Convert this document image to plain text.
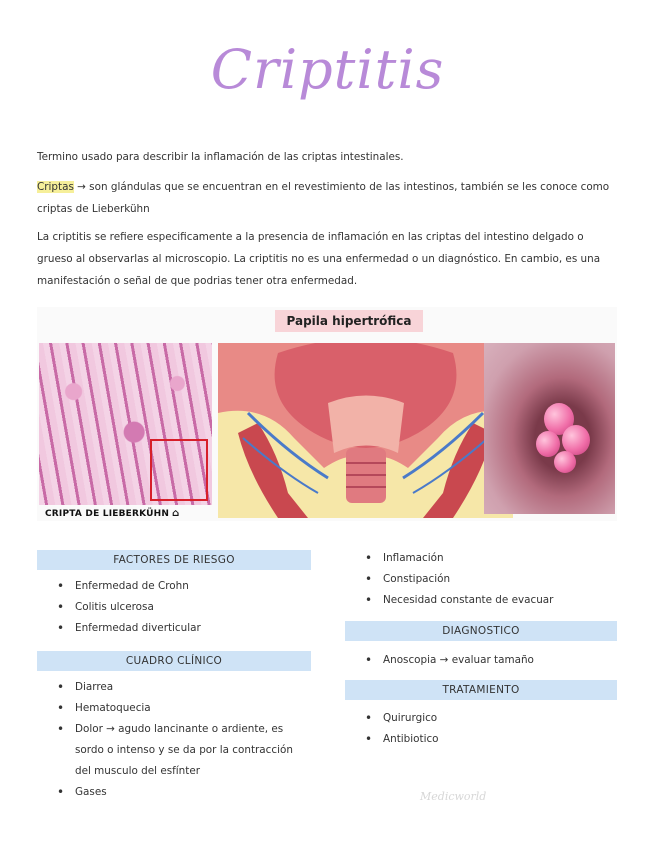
Criptitis
Termino usado para describir la inflamación de las criptas intestinales.
Criptas → son glándulas que se encuentran en el revestimiento de las intestinos, también se les conoce como criptas de Lieberkühn
La criptitis se refiere especificamente a la presencia de inflamación en las criptas del intestino delgado o grueso al observarlas al microscopio. La criptitis no es una enfermedad o un diagnóstico. En cambio, es una manifestación o señal de que podrias tener otra enfermedad.
Papila hipertrófica
CRIPTA DE LIEBERKÜHN ⌂
FACTORES DE RIESGO
• Enfermedad de Crohn
• Colitis ulcerosa
• Enfermedad diverticular
CUADRO CLÍNICO
• Diarrea
• Hematoquecia
• Dolor → agudo lancinante o ardiente, es sordo o intenso y se da por la contracción del musculo del esfínter
• Gases
• Inflamación
• Constipación
• Necesidad constante de evacuar
DIAGNOSTICO
• Anoscopia → evaluar tamaño
TRATAMIENTO
• Quirurgico
• Antibiotico
Medicworld
